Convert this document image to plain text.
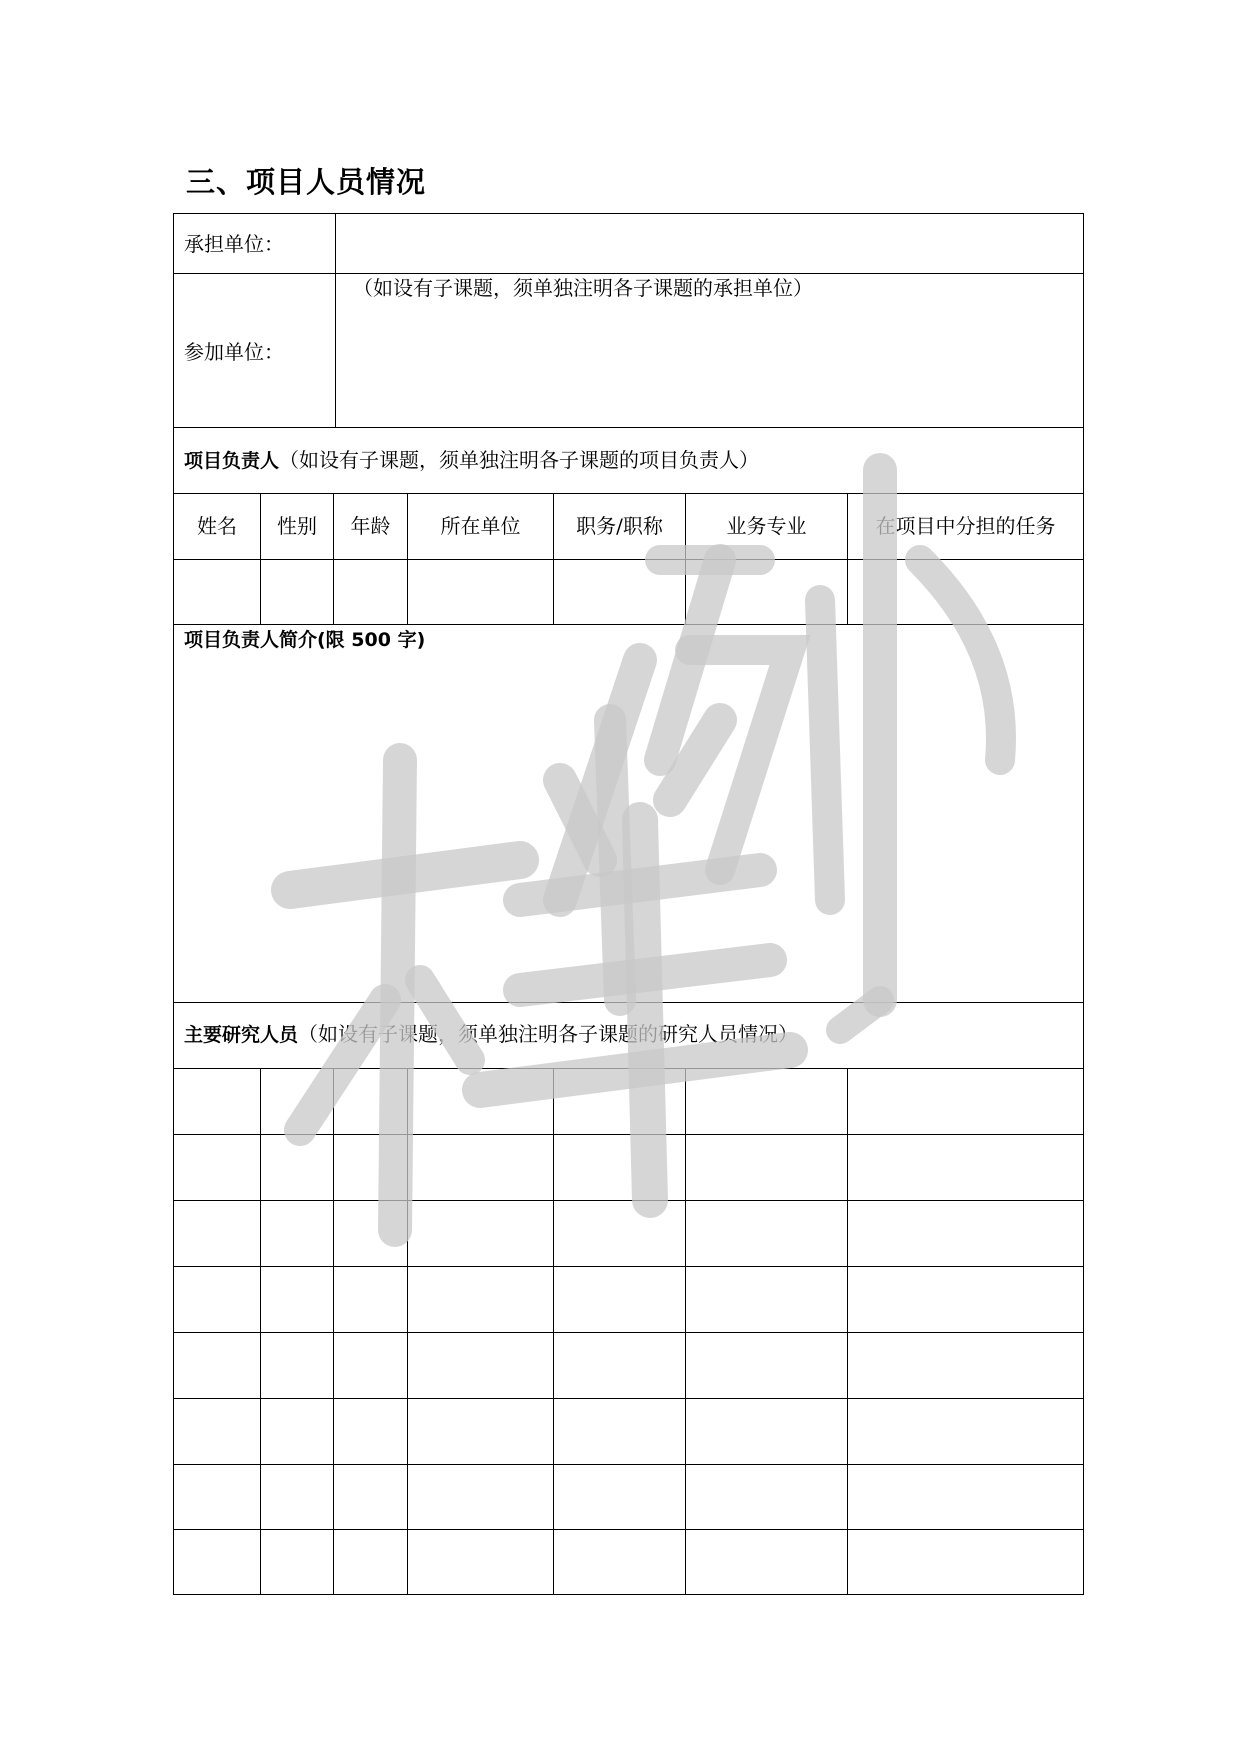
三、项目人员情况
承担单位：
参加单位：
（如设有子课题，须单独注明各子课题的承担单位）
项目负责人（如设有子课题，须单独注明各子课题的项目负责人）
姓名	性别	年龄	所在单位	职务/职称	业务专业	在项目中分担的任务
项目负责人简介(限 500 字)
主要研究人员（如设有子课题，须单独注明各子课题的研究人员情况）
